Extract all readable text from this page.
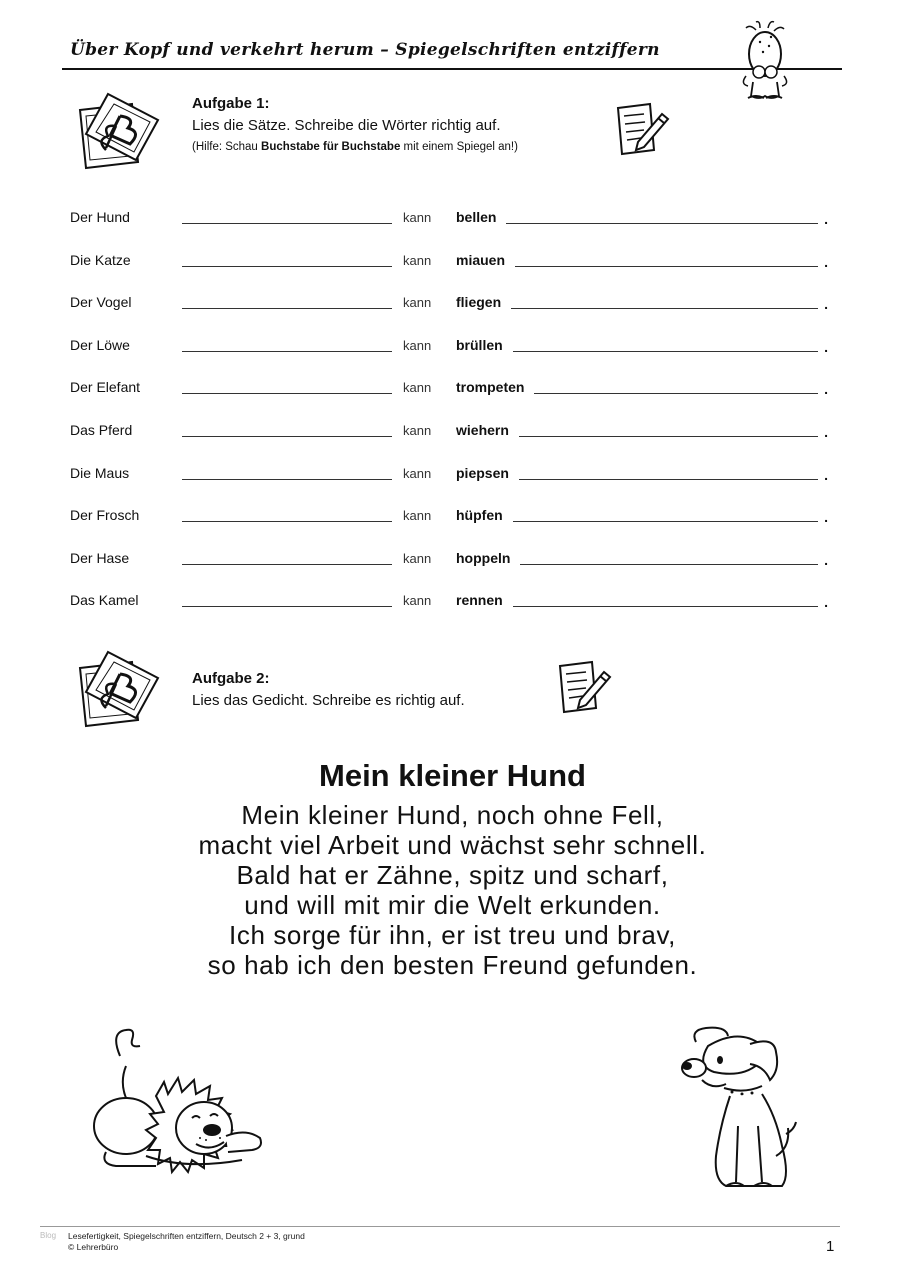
Über Kopf und verkehrt herum – Spiegelschriften entziffern
Aufgabe 1:
Lies die Sätze. Schreibe die Wörter richtig auf.
(Hilfe: Schau Buchstabe für Buchstabe mit einem Spiegel an!)
Der Hund	kann bellen	.
Die Katze	kann miauen	.
Der Vogel	kann fliegen	.
Der Löwe	kann brüllen	.
Der Elefant	kann trompeten	.
Das Pferd	kann wiehern	.
Die Maus	kann piepsen	.
Der Frosch	kann hüpfen	.
Der Hase	kann hoppeln	.
Das Kamel	kann rennen	.
Aufgabe 2:
Lies das Gedicht. Schreibe es richtig auf.
Mein kleiner Hund
Mein kleiner Hund, noch ohne Fell,
macht viel Arbeit und wächst sehr schnell.
Bald hat er Zähne, spitz und scharf,
und will mit mir die Welt erkunden.
Ich sorge für ihn, er ist treu und brav,
so hab ich den besten Freund gefunden.
Blog Lesefertigkeit, Spiegelschriften entziffern, Deutsch 2 + 3, grund
© Lehrerbüro	1
